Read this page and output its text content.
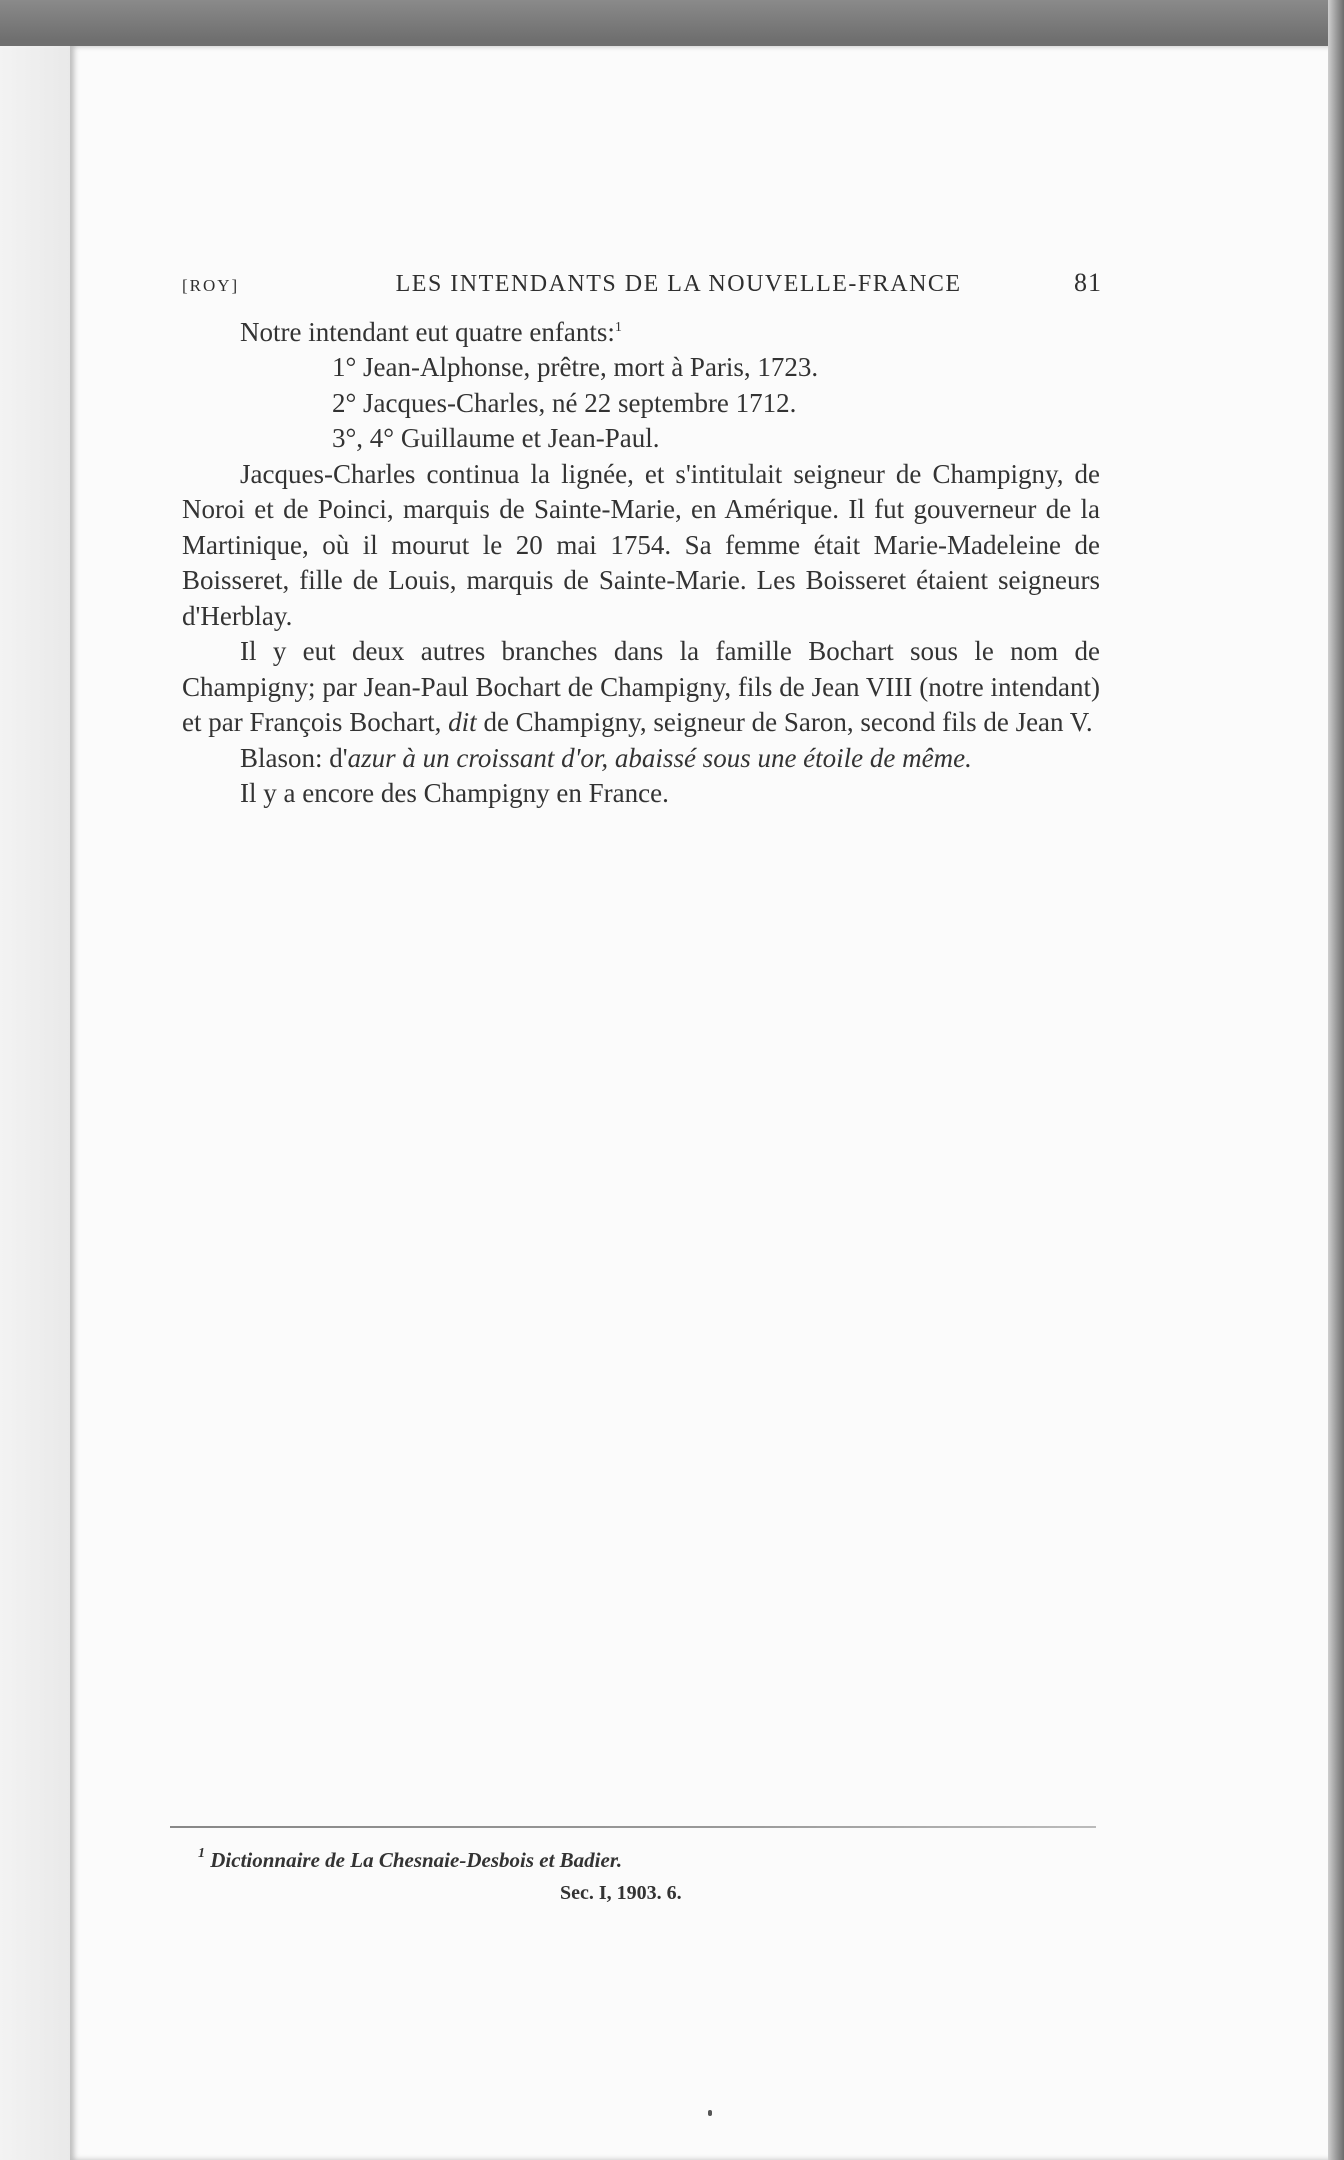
[ROY]	LES INTENDANTS DE LA NOUVELLE-FRANCE	81

Notre intendant eut quatre enfants:$^1$

1° Jean-Alphonse, prêtre, mort à Paris, 1723.

2° Jacques-Charles, né 22 septembre 1712.

3°, 4° Guillaume et Jean-Paul.

Jacques-Charles continua la lignée, et s'intitulait seigneur de Champigny, de Noroi et de Poinci, marquis de Sainte-Marie, en Amérique. Il fut gouverneur de la Martinique, où il mourut le 20 mai 1754. Sa femme était Marie-Madeleine de Boisseret, fille de Louis, marquis de Sainte-Marie. Les Boisseret étaient seigneurs d'Herblay.

Il y eut deux autres branches dans la famille Bochart sous le nom de Champigny; par Jean-Paul Bochart de Champigny, fils de Jean VIII (notre intendant) et par François Bochart, dit de Champigny, seigneur de Saron, second fils de Jean V.

Blason: d'azur à un croissant d'or, abaissé sous une étoile de même.

Il y a encore des Champigny en France.

$^1$ Dictionnaire de La Chesnaie-Desbois et Badier.
Sec. I, 1903. 6.
